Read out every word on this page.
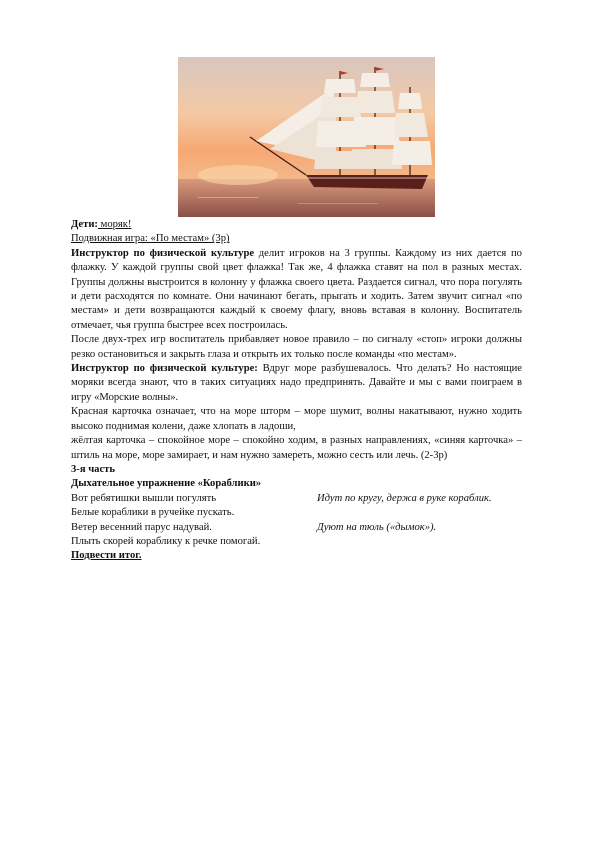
Дети: моряк!

Подвижная игра: «По местам» (3р)

Инструктор по физической культуре делит игроков на 3 группы. Каждому из них дается по флажку. У каждой группы свой цвет флажка! Так же, 4 флажка ставят на пол в разных местах. Группы должны выстроится в колонну у флажка своего цвета. Раздается сигнал, что пора погулять и дети расходятся по комнате. Они начинают бегать, прыгать и ходить. Затем звучит сигнал «по местам» и дети возвращаются каждый к своему флагу, вновь вставая в колонну. Воспитатель отмечает, чья группа быстрее всех построилась.

После двух-трех игр воспитатель прибавляет новое правило – по сигналу «стоп» игроки должны резко остановиться и закрыть глаза и открыть их только после команды «по местам».

Инструктор по физической культуре: Вдруг море разбушевалось. Что делать? Но настоящие моряки всегда знают, что в таких ситуациях надо предпринять. Давайте и мы с вами поиграем в игру «Морские волны».

Красная карточка означает, что на море шторм – море шумит, волны накатывают, нужно ходить высоко поднимая колени, даже хлопать в ладоши,

жёлтая карточка – спокойное море – спокойно ходим, в разных направлениях, «синяя карточка» – штиль на море, море замирает, и нам нужно замереть, можно сесть или лечь. (2-3р)

3-я часть

Дыхательное упражнение «Кораблики»

Вот ребятишки вышли погулять	Идут по кругу, держа в руке кораблик.
Белые кораблики в ручейке пускать.
Ветер весенний парус надувай.	Дуют на тюль («дымок»).
Плыть скорей кораблику к речке помогай.

Подвести итог.
